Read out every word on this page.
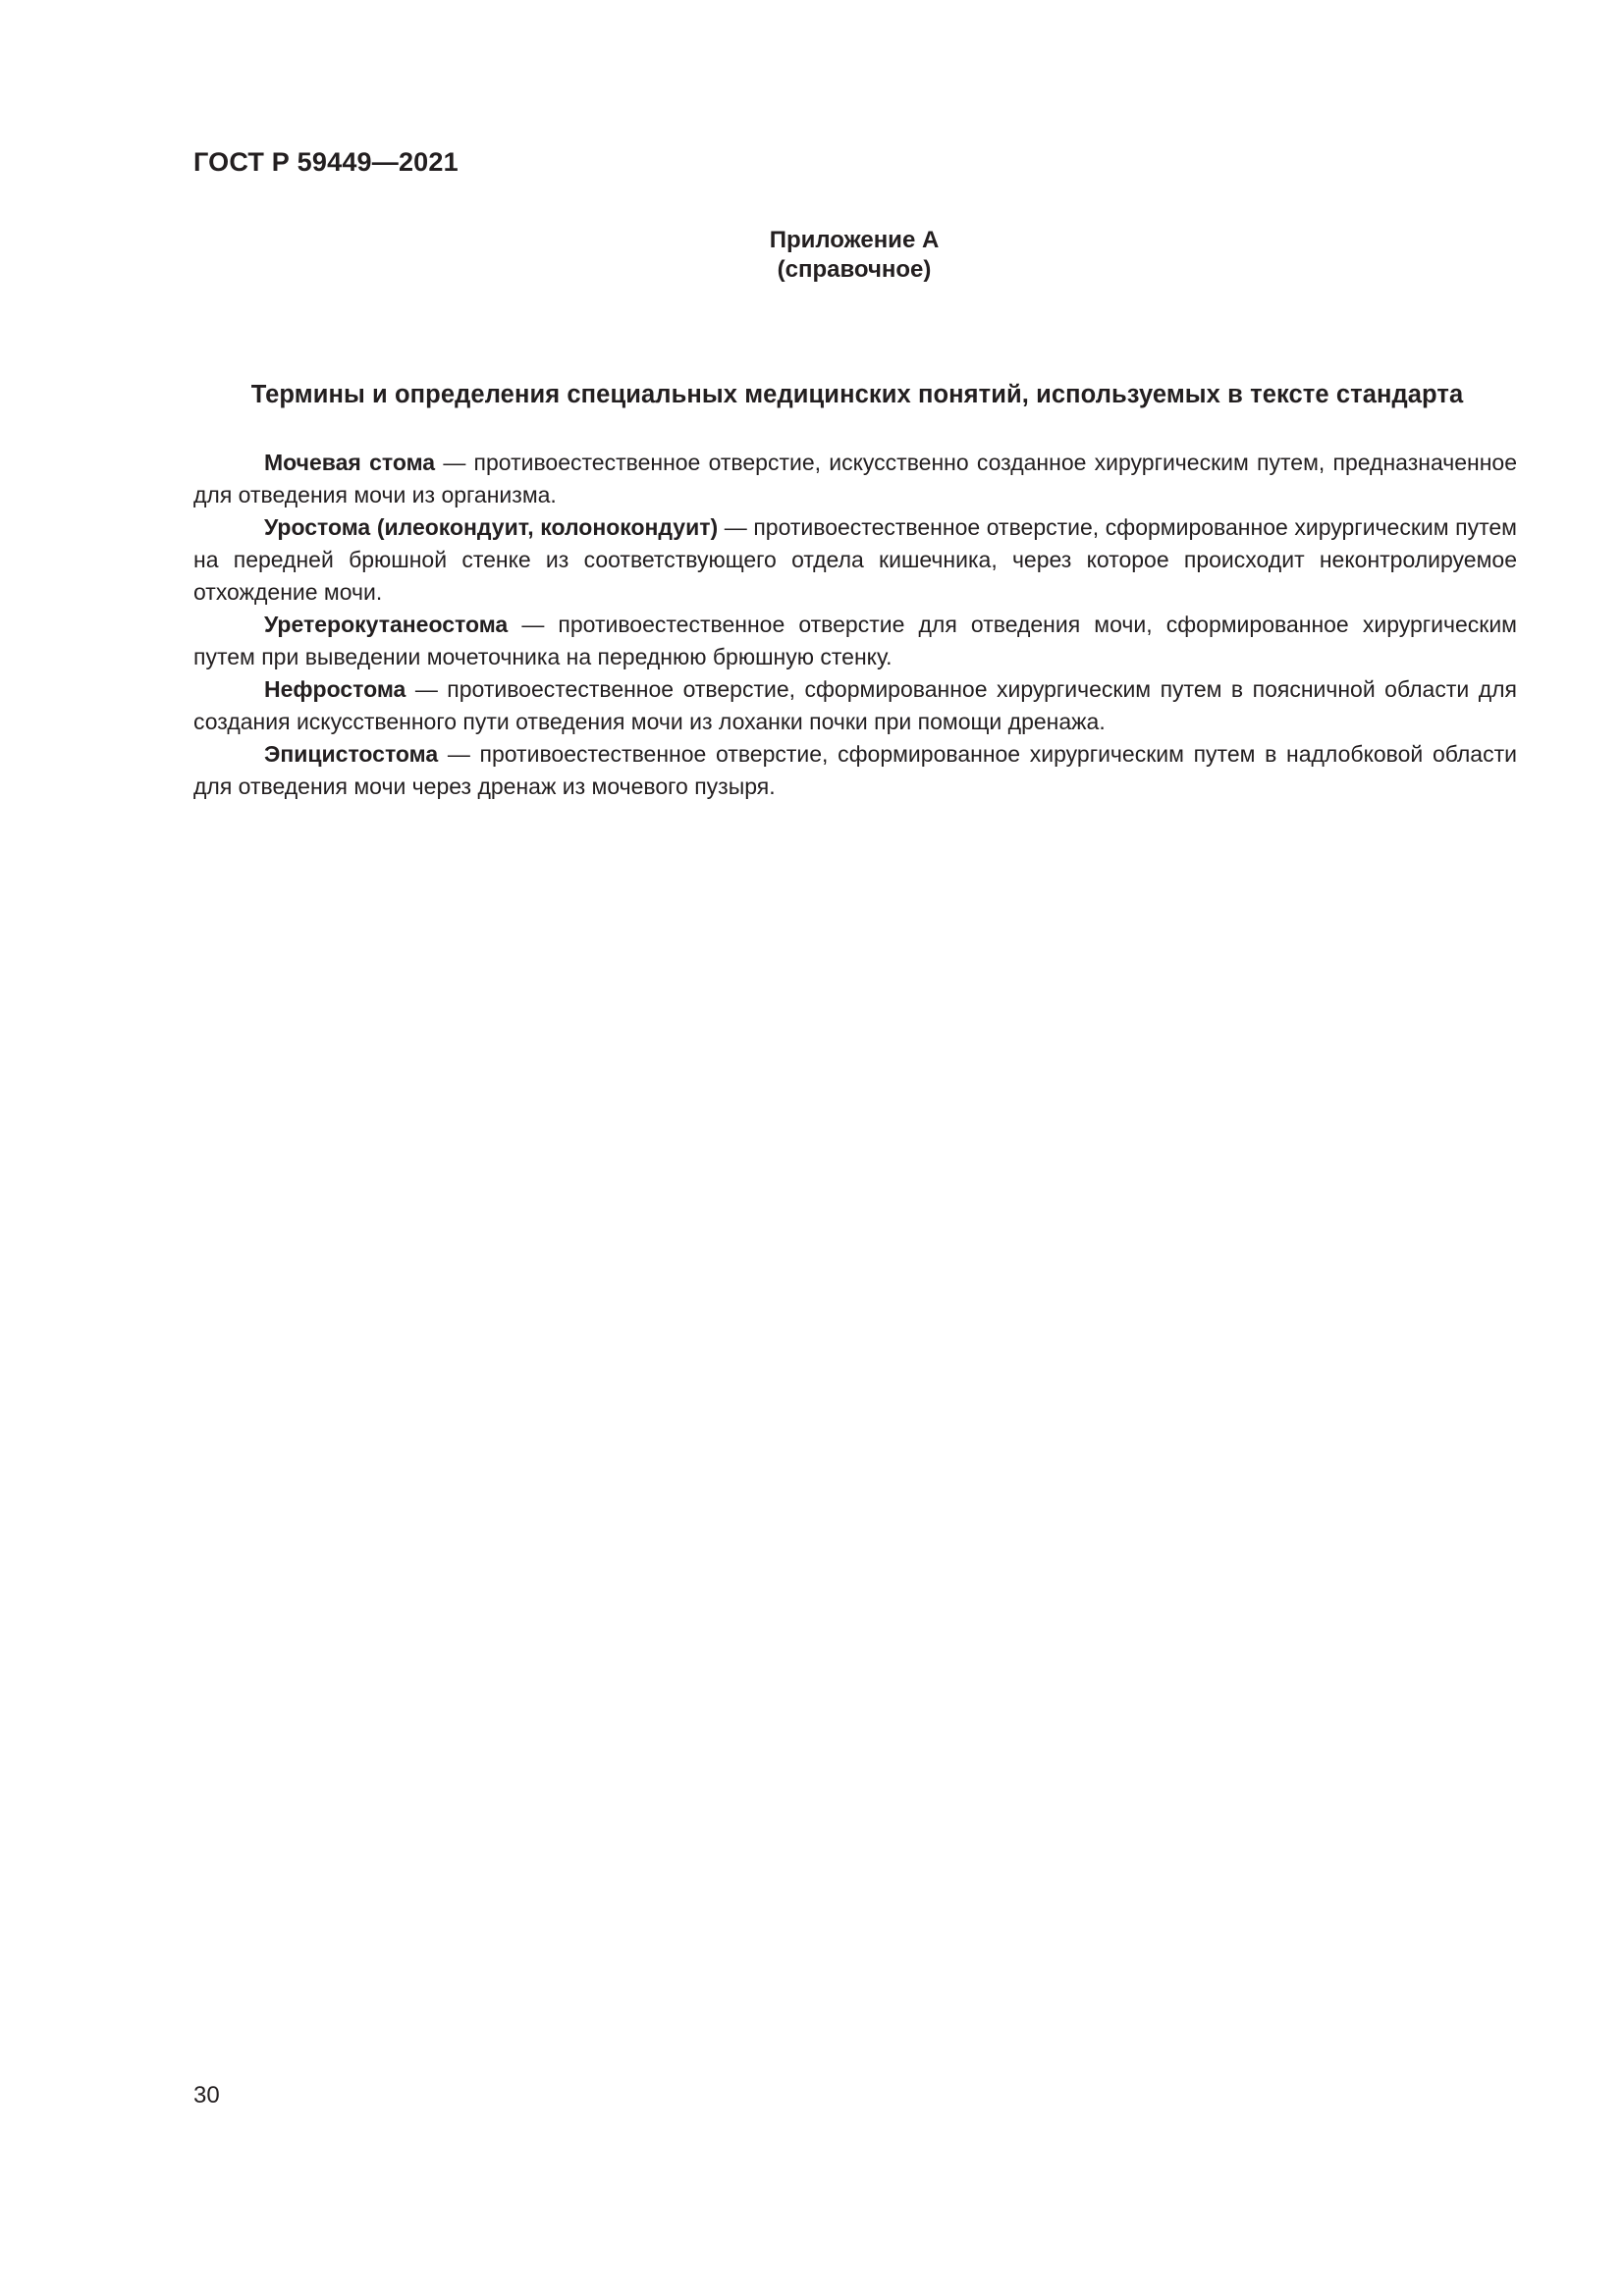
ГОСТ Р 59449—2021
Приложение А
(справочное)
Термины и определения специальных медицинских понятий, используемых в тексте стандарта

Мочевая стома — противоестественное отверстие, искусственно созданное хирургическим путем, предназначенное для отведения мочи из организма.

Уростома (илеокондуит, колонокондуит) — противоестественное отверстие, сформированное хирургическим путем на передней брюшной стенке из соответствующего отдела кишечника, через которое происходит неконтролируемое отхождение мочи.

Уретерокутанеостома — противоестественное отверстие для отведения мочи, сформированное хирургическим путем при выведении мочеточника на переднюю брюшную стенку.

Нефростома — противоестественное отверстие, сформированное хирургическим путем в поясничной области для создания искусственного пути отведения мочи из лоханки почки при помощи дренажа.

Эпицистостома — противоестественное отверстие, сформированное хирургическим путем в надлобковой области для отведения мочи через дренаж из мочевого пузыря.

30
